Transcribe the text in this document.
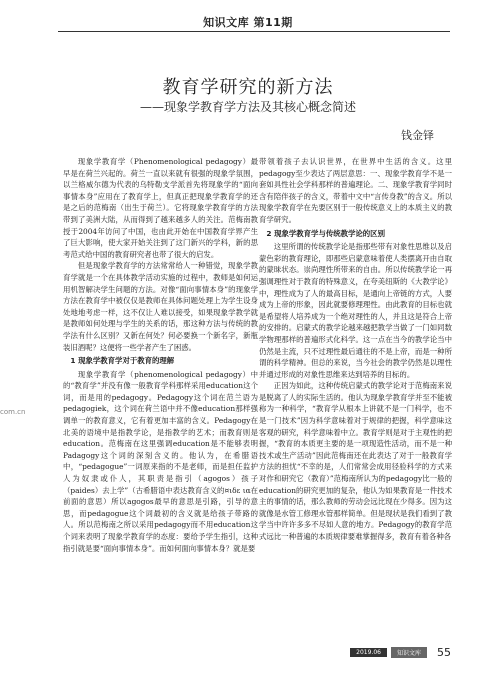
知识文库 第11期
教育学研究的新方法
——现象学教育学方法及其核心概念简述
钱金铎

现象学教育学（Phenomenological pedagogy）最早是在荷兰兴起的。荷兰一直以来就有很强的现象学氛围，以兰格威尔德为代表的乌特勒支学派首先将现象学的“面向事情本身”应用在了教育学上，但真正把现象学教育学的还是之后的范梅南（出生于荷兰）。它将现象学教育学的方法带到了美洲大陆，从而得到了越来越多人的关注。范梅南教授于2004年访问了中国，也由此开始在中国教育学界产生了巨大影响，使大家开始关注到了这门新兴的学科，新的思考范式给中国的教育研究者也带了很大的启发。

但是现象学教育学的方法常常给人一种错觉，现象学教育学就是一个在具体教学活动实施的过程中，教师是如何运用机智解决学生问题的方法。对像“面向事情本身”的现象学方法在教育学中被仅仅是教师在具体问题处理上为学生设身处地地考虑一样，这不仅让人难以接受，如果现象学教学就是教师如何处理与学生的关系的话，那这种方法与传统的教学法有什么区别？又新在何处？何必要换一个新名字，新瓶装旧酒呢？这便将一些学者产生了困惑。

1 现象学教育学对于教育的理解

现象学教育学（phenomenological pedagogy）中的“教育学”并没有像一般教育学科那样采用education这个词，而是用的pedagogy。Pedagogy这个词在范兰语为pedagogiek，这个词在荷兰语中并不像education那样强调单一的教育意义，它有着更加丰富的含义。Pedagogy在北美的语境中是指教学论，是指教学的艺术；而教育则是education。范梅南在这里强调education是不能够表明Padagogy这个词的深刻含义的。他认为，在希腊语中，“pedagogue”一词原来指的不是老师，而是担任监护人为奴隶或仆人，其职责是指引（agogos）孩子（paides）去上学”（古希腊语中表达教育含义的¤ιδε ια在前面的意思）所以agogos最早的意思是引路，引导的意思，而pedagogue这个词最初的含义就是给孩子带路的人。所以范梅南之所以采用pedagogy而不用education这个词来表明了现象学教育学的态度：要给予学生指引，这种指引就是要“面向事情本身”。而如何面向事情本身？就是要

带领着孩子去认识世界，在世界中生活的含义。这里pedagogy至少表达了两层意思：一、现象学教育学不是一套如具性社会学科那样的普遍理论。二、现象学教育学同时含有陪伴孩子的含义，带着中文中“言传身教”的含义。所以现象学教育学在先要区别于一般传统意义上的本质主义的教育学研究。

2 现象学教育学与传统教学论的区别

这里所谓的传统教学论是指那些带有对象性思维以及启蒙色彩的教育理论，即那些启蒙意味着使人类摆离开由自取的蒙昧状态。崇尚理性所带来的自由。所以传统教学论一再强调理性对于教育的特殊意义，在夸美纽斯的《大教学论》中，理性成为了人的最高目标，是通向上帝链的方式，人要成为上帝的形象，因此就要修理理性。由此教育的目标也就是希望将人培养成为一个绝对理性的人，并且这是符合上帝的安排的。启蒙式的教学论越来越把教学当做了一门如同数学物理那样的普遍形式化科学。这一点在当今的教学论当中仍然是主流，只不过理性最后通往的不是上帝，而是一种所谓的科学精神。但总的来说，当今社会的教学仍然是以理性并通过形成的对象性思维来达到培养的目标的。

正因为如此，这种传统启蒙式的教学论对于范梅南来说是脱离了人的实际生活的。他认为现象学教育学并至不能被称为一种科学，“教育学从根本上讲就不是一门科学，也不是一门技术”因为科学意味着对于规律的把握，科学意味这客观的研究，科学意味着中立。教育学则是对于主观性的把握，“教育的本质更主要的是一项现造性活动，而不是一种技术或生产活动”因此范梅南还在此表达了对于一般教育学方法的担忧“不幸的是，人们常常会成用径验科学的方式来对作和研究它（教育）”范梅南所认为的pedagogy比一般的education的研究更加的复杂，他认为如果教育是一件技术主的事情的话，那么教师的劳动会远比现在少得多。因为这就像是水管工修理水管那样简单。但是现状是我们看到了教学当中许许多多不尽如人意的地方。Pedagogy的教育学范式远比一种普遍的本质规律要难掌握得多，教育有着各种各

com.cn
2019.06	知识文库	55
